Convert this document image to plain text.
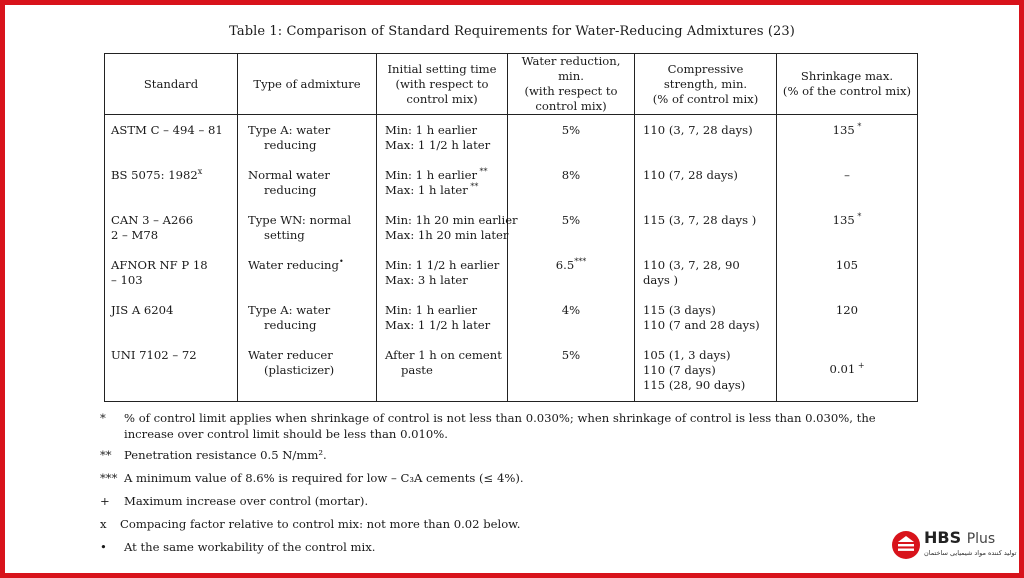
Table 1: Comparison of Standard Requirements for Water-Reducing Admixtures (23)
Standard	Type of admixture	Initial setting time
(with respect to
control mix)	Water reduction, min.
(with respect to
control mix)	Compressive
strength, min.
(% of control mix)	Shrinkage max.
(% of the control mix)

ASTM C – 494 – 81	Type A: water
reducing	Min: 1 h earlier
Max: 1 1/2 h later	5%	110 (3, 7, 28 days)	135 *

BS 5075: 1982$^x$	Normal water
reducing	Min: 1 h earlier **
Max: 1 h later **	8%	110 (7, 28 days)	–

CAN 3 – A266
2 – M78	Type WN: normal
setting	Min: 1h 20 min earlier
Max: 1h 20 min later	5%	115 (3, 7, 28 days )	135 *

AFNOR NF P 18
– 103	Water reducing•	Min: 1 1/2 h earlier
Max: 3 h later	6.5***	110 (3, 7, 28, 90 days )	105

JIS A 6204	Type A: water
reducing	Min: 1 h earlier
Max: 1 1/2 h later	4%	115 (3 days)
110 (7 and 28 days)	120

UNI 7102 – 72	Water reducer
(plasticizer)	After 1 h on cement
paste	5%	105 (1, 3 days)
110 (7 days)
115 (28, 90 days)	0.01 +
*	% of control limit applies when shrinkage of control is not less than 0.030%; when shrinkage of control is less than 0.030%, the increase over control limit should be less than 0.010%.
**	Penetration resistance 0.5 N/mm².
*** A minimum value of 8.6% is required for low – C₃A cements (≤ 4%).
+	Maximum increase over control (mortar).
x	Compacing factor relative to control mix: not more than 0.02 below.
•	At the same workability of the control mix.	HBS Plus
تولید کننده مواد شیمیایی ساختمان
